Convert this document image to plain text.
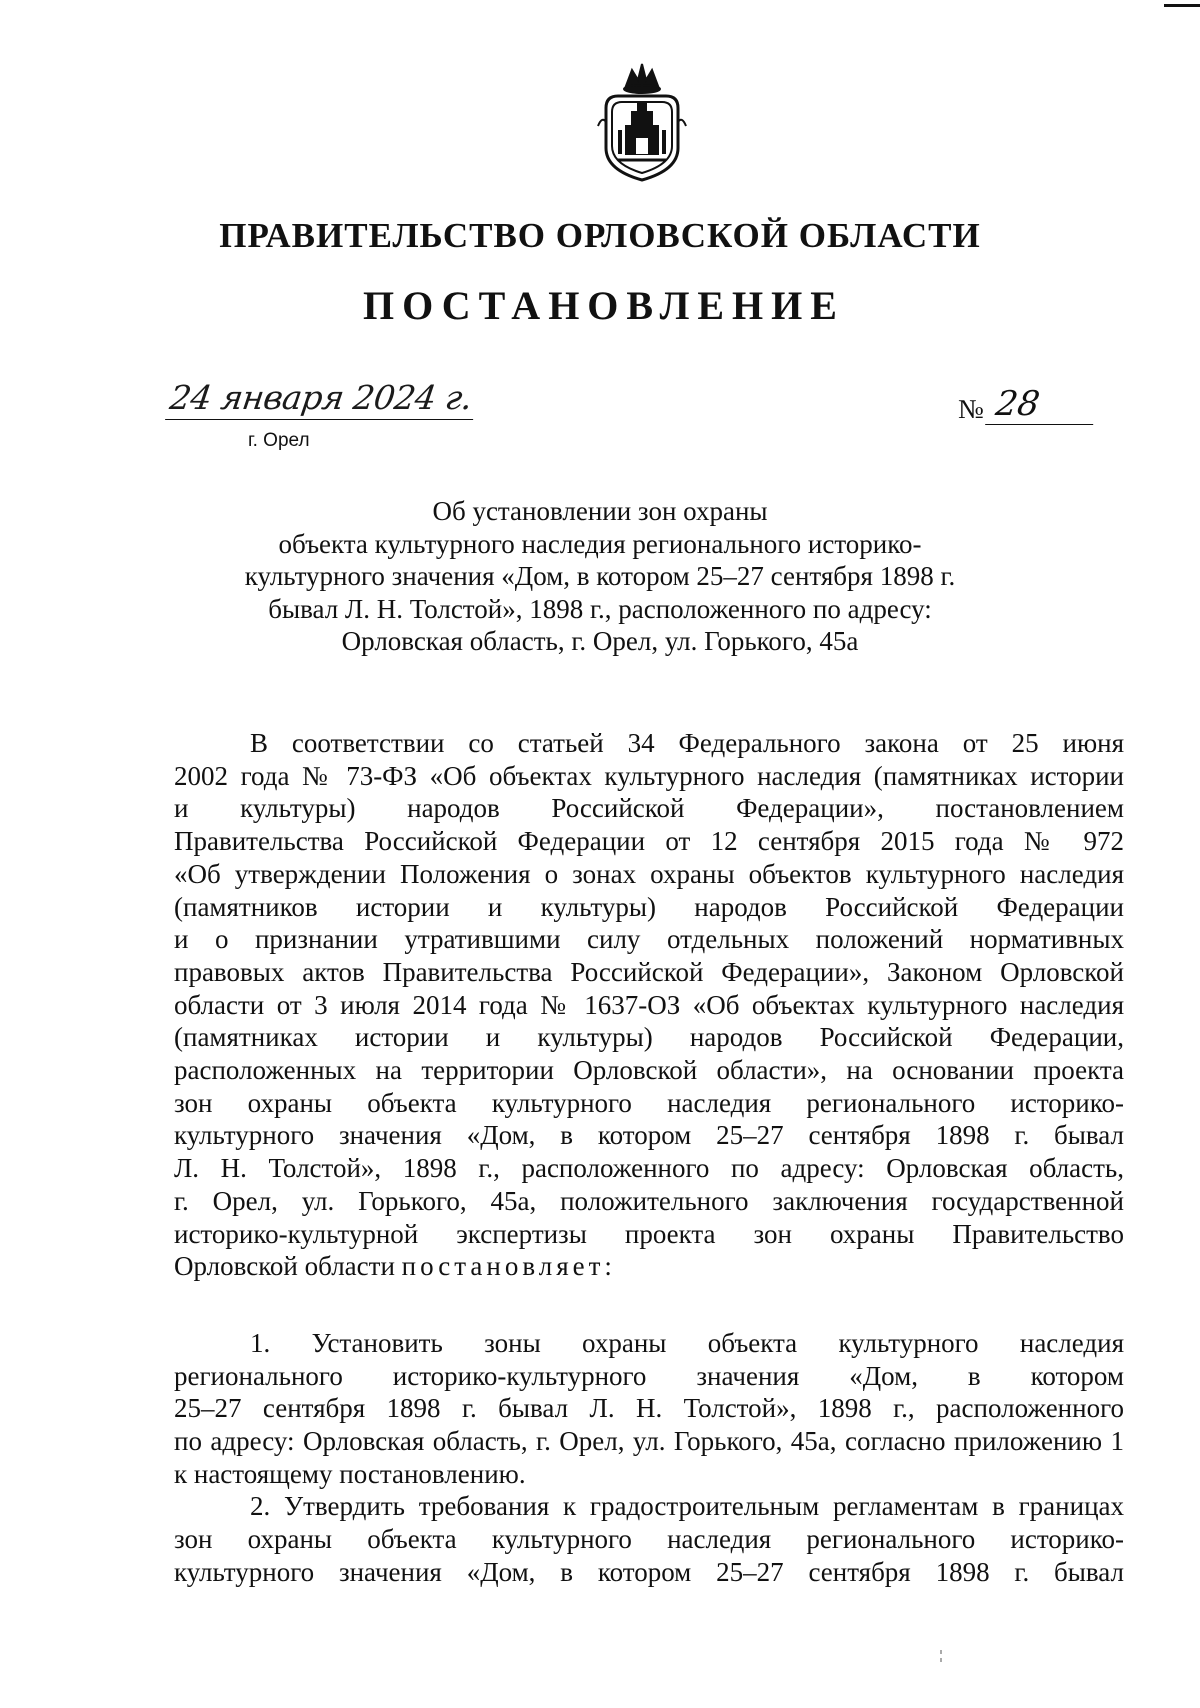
ПРАВИТЕЛЬСТВО ОРЛОВСКОЙ ОБЛАСТИ
ПОСТАНОВЛЕНИЕ
24 января 2024 г.
г. Орел
№ 28
Об установлении зон охраны
объекта культурного наследия регионального историко-
культурного значения «Дом, в котором 25–27 сентября 1898 г.
бывал Л. Н. Толстой», 1898 г., расположенного по адресу:
Орловская область, г. Орел, ул. Горького, 45а
В соответствии со статьей 34 Федерального закона от 25 июня
2002 года № 73-ФЗ «Об объектах культурного наследия (памятниках истории
и культуры) народов Российской Федерации», постановлением
Правительства Российской Федерации от 12 сентября 2015 года № 972
«Об утверждении Положения о зонах охраны объектов культурного наследия
(памятников истории и культуры) народов Российской Федерации
и о признании утратившими силу отдельных положений нормативных
правовых актов Правительства Российской Федерации», Законом Орловской
области от 3 июля 2014 года № 1637-ОЗ «Об объектах культурного наследия
(памятниках истории и культуры) народов Российской Федерации,
расположенных на территории Орловской области», на основании проекта
зон охраны объекта культурного наследия регионального историко-
культурного значения «Дом, в котором 25–27 сентября 1898 г. бывал
Л. Н. Толстой», 1898 г., расположенного по адресу: Орловская область,
г. Орел, ул. Горького, 45а, положительного заключения государственной
историко-культурной экспертизы проекта зон охраны Правительство
Орловской области постановляет:
1. Установить зоны охраны объекта культурного наследия
регионального историко-культурного значения «Дом, в котором
25–27 сентября 1898 г. бывал Л. Н. Толстой», 1898 г., расположенного
по адресу: Орловская область, г. Орел, ул. Горького, 45а, согласно приложению 1
к настоящему постановлению.
2. Утвердить требования к градостроительным регламентам в границах
зон охраны объекта культурного наследия регионального историко-
культурного значения «Дом, в котором 25–27 сентября 1898 г. бывал
